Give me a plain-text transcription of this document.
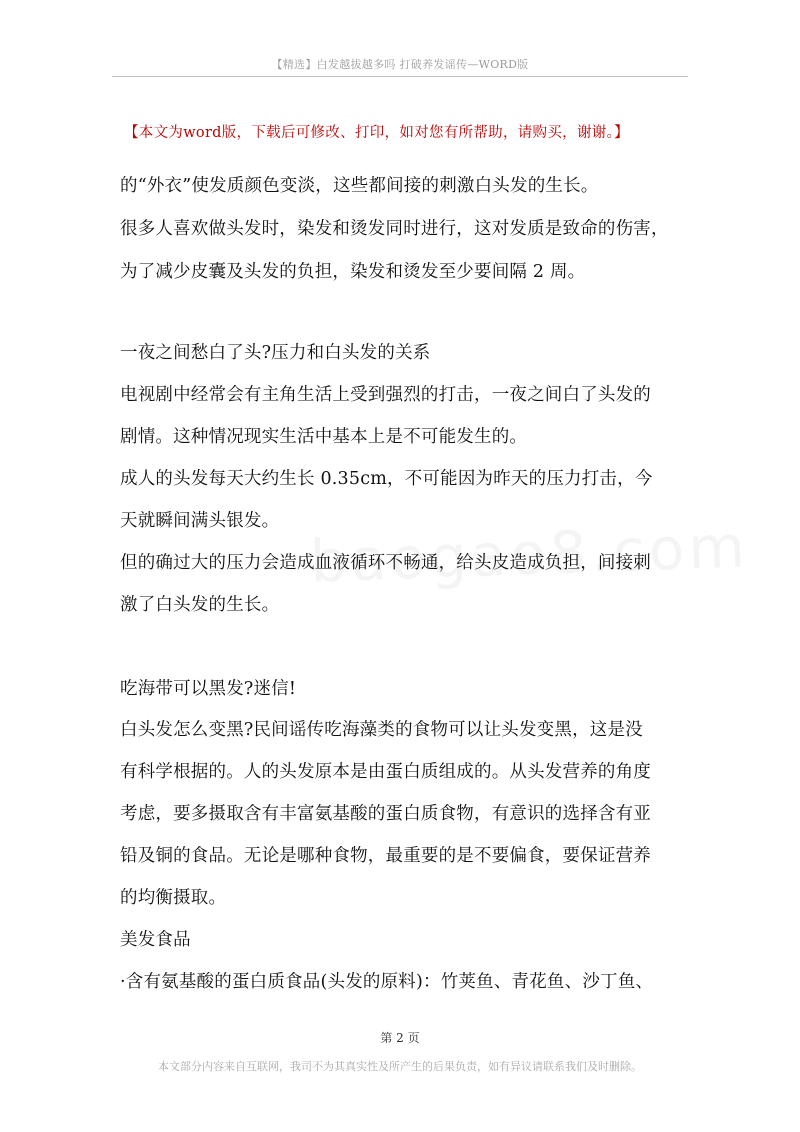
【精选】白发越拔越多吗 打破养发谣传—WORD版
【本文为word版，下载后可修改、打印，如对您有所帮助，请购买，谢谢。】
的“外衣”使发质颜色变淡，这些都间接的刺激白头发的生长。
很多人喜欢做头发时，染发和烫发同时进行，这对发质是致命的伤害，
为了减少皮囊及头发的负担，染发和烫发至少要间隔 2 周。
一夜之间愁白了头?压力和白头发的关系
电视剧中经常会有主角生活上受到强烈的打击，一夜之间白了头发的
剧情。这种情况现实生活中基本上是不可能发生的。
成人的头发每天大约生长 0.35cm，不可能因为昨天的压力打击，今
天就瞬间满头银发。
但的确过大的压力会造成血液循环不畅通，给头皮造成负担，间接刺
激了白头发的生长。
吃海带可以黑发?迷信!
白头发怎么变黑?民间谣传吃海藻类的食物可以让头发变黑，这是没
有科学根据的。人的头发原本是由蛋白质组成的。从头发营养的角度
考虑，要多摄取含有丰富氨基酸的蛋白质食物，有意识的选择含有亚
铅及铜的食品。无论是哪种食物，最重要的是不要偏食，要保证营养
的均衡摄取。
美发食品
·含有氨基酸的蛋白质食品(头发的原料)：竹荚鱼、青花鱼、沙丁鱼、
第 2 页
本文部分内容来自互联网，我司不为其真实性及所产生的后果负责，如有异议请联系我们及时删除。
